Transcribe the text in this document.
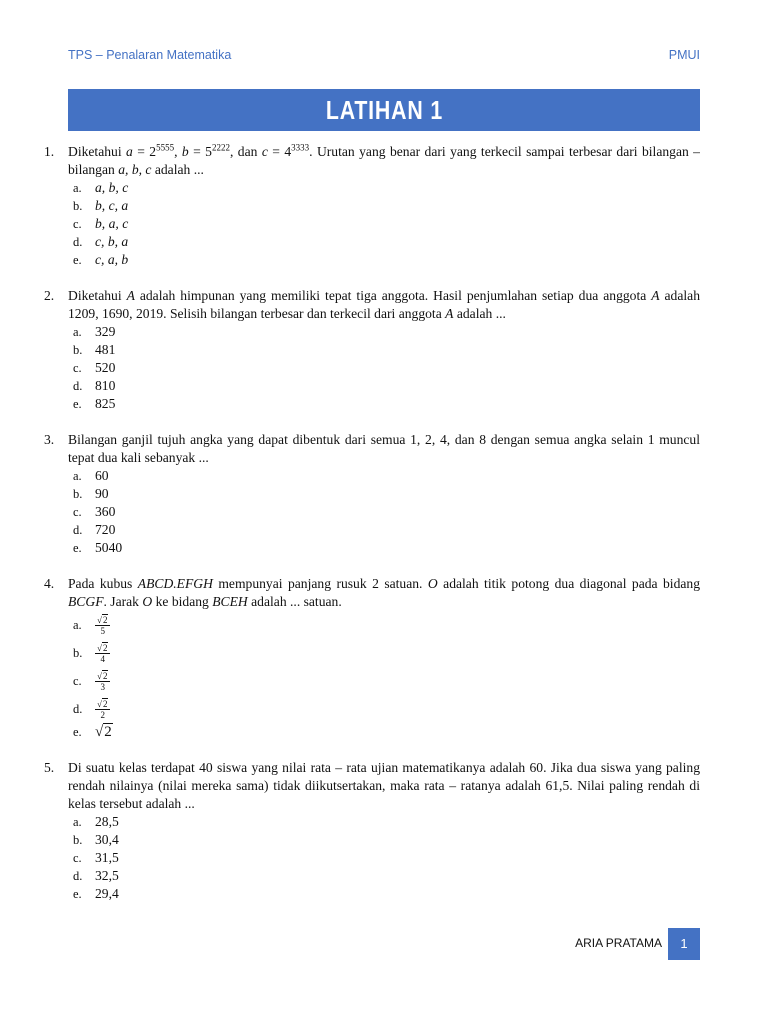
TPS – Penalaran Matematika	PMUI
LATIHAN 1
1. Diketahui $a = 2^{5555}$, $b = 5^{2222}$, dan $c = 4^{3333}$. Urutan yang benar dari yang terkecil sampai terbesar dari bilangan – bilangan a, b, c adalah ...
a. a, b, c
b. b, c, a
c. b, a, c
d. c, b, a
e. c, a, b
2. Diketahui A adalah himpunan yang memiliki tepat tiga anggota. Hasil penjumlahan setiap dua anggota A adalah 1209, 1690, 2019. Selisih bilangan terbesar dan terkecil dari anggota A adalah ...
a. 329
b. 481
c. 520
d. 810
e. 825
3. Bilangan ganjil tujuh angka yang dapat dibentuk dari semua 1, 2, 4, dan 8 dengan semua angka selain 1 muncul tepat dua kali sebanyak ...
a. 60
b. 90
c. 360
d. 720
e. 5040
4. Pada kubus ABCD.EFGH mempunyai panjang rusuk 2 satuan. O adalah titik potong dua diagonal pada bidang BCGF. Jarak O ke bidang BCEH adalah ... satuan.
a.	$\frac{√2}{5}$
b.	$\frac{√2}{4}$
c.	$\frac{√2}{3}$
d.	$\frac{√2}{2}$
e. √2
5. Di suatu kelas terdapat 40 siswa yang nilai rata – rata ujian matematikanya adalah 60. Jika dua siswa yang paling rendah nilainya (nilai mereka sama) tidak diikutsertakan, maka rata – ratanya adalah 61,5. Nilai paling rendah di kelas tersebut adalah ...
a. 28,5
b. 30,4
c. 31,5
d. 32,5
e. 29,4
ARIA PRATAMA	1
